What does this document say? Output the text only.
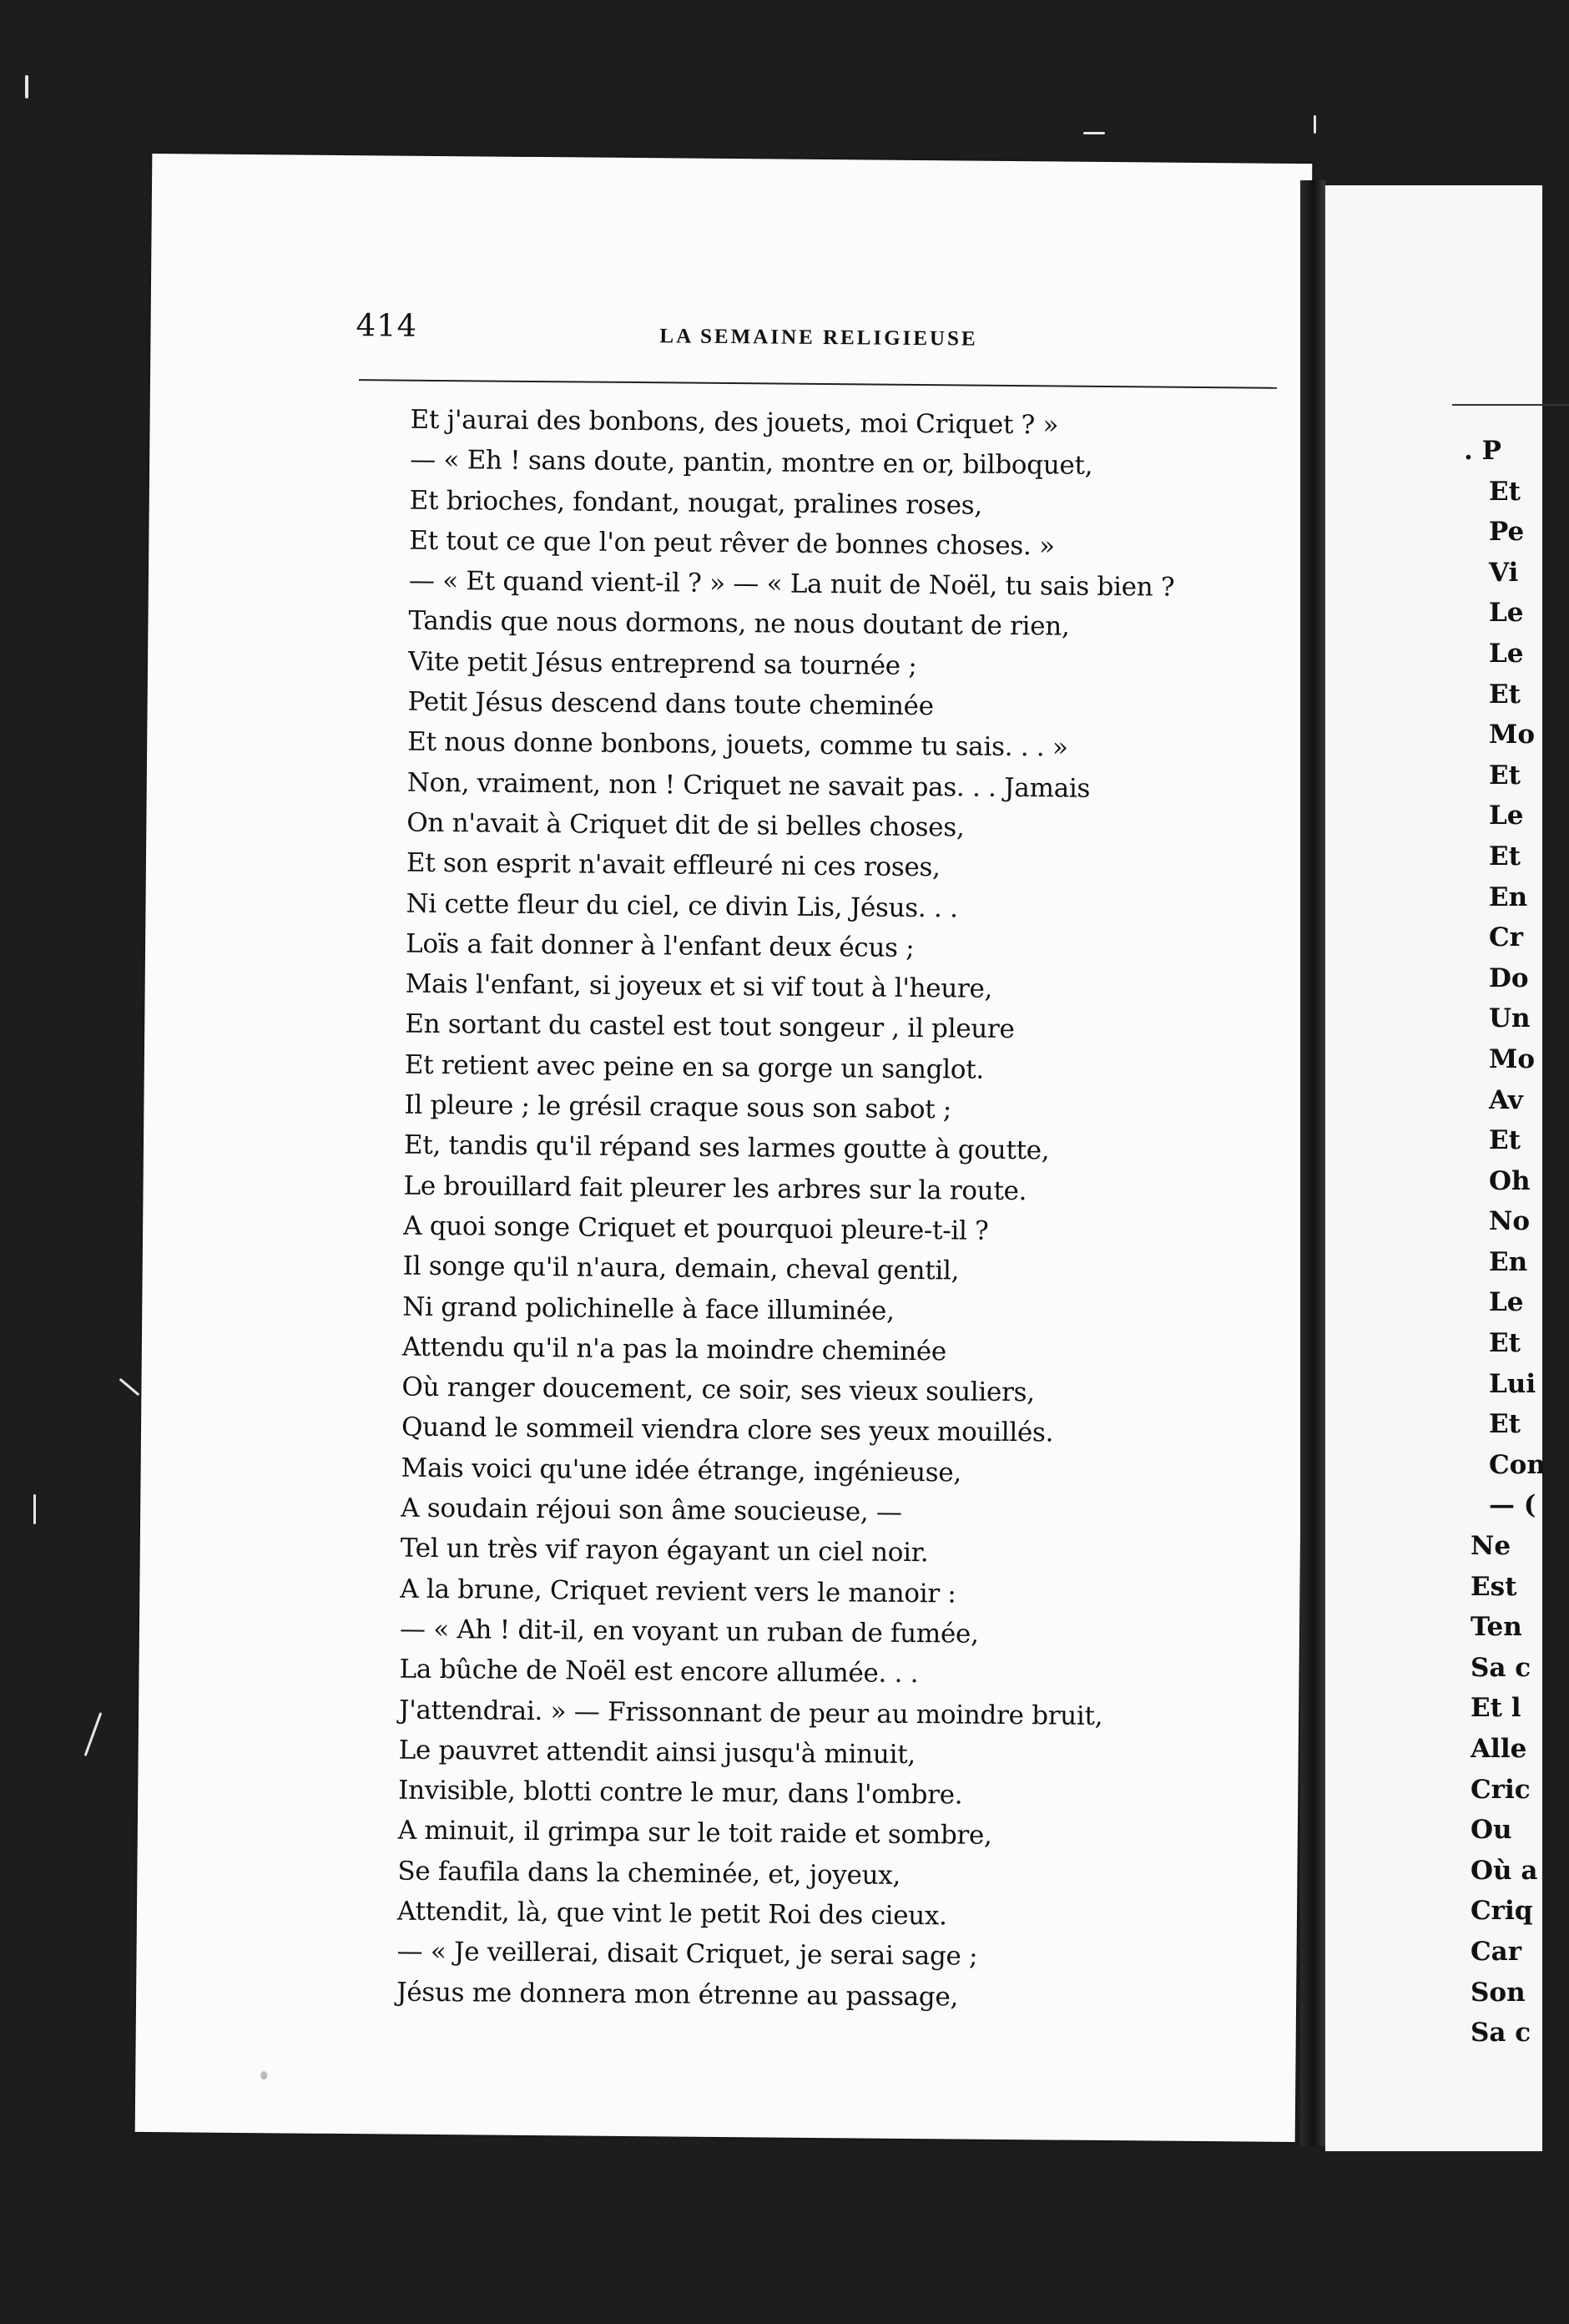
414	LA SEMAINE RELIGIEUSE

Et j'aurai des bonbons, des jouets, moi Criquet ? »
— « Eh ! sans doute, pantin, montre en or, bilboquet,
Et brioches, fondant, nougat, pralines roses,
Et tout ce que l'on peut rêver de bonnes choses. »
— « Et quand vient-il ? » — « La nuit de Noël, tu sais bien ?
Tandis que nous dormons, ne nous doutant de rien,
Vite petit Jésus entreprend sa tournée ;
Petit Jésus descend dans toute cheminée
Et nous donne bonbons, jouets, comme tu sais. . . »
Non, vraiment, non ! Criquet ne savait pas. . . Jamais
On n'avait à Criquet dit de si belles choses,
Et son esprit n'avait effleuré ni ces roses,
Ni cette fleur du ciel, ce divin Lis, Jésus. . .
Loïs a fait donner à l'enfant deux écus ;
Mais l'enfant, si joyeux et si vif tout à l'heure,
En sortant du castel est tout songeur , il pleure
Et retient avec peine en sa gorge un sanglot.
Il pleure ; le grésil craque sous son sabot ;
Et, tandis qu'il répand ses larmes goutte à goutte,
Le brouillard fait pleurer les arbres sur la route.
A quoi songe Criquet et pourquoi pleure-t-il ?
Il songe qu'il n'aura, demain, cheval gentil,
Ni grand polichinelle à face illuminée,
Attendu qu'il n'a pas la moindre cheminée
Où ranger doucement, ce soir, ses vieux souliers,
Quand le sommeil viendra clore ses yeux mouillés.
Mais voici qu'une idée étrange, ingénieuse,
A soudain réjoui son âme soucieuse, —
Tel un très vif rayon égayant un ciel noir.
A la brune, Criquet revient vers le manoir :
— « Ah ! dit-il, en voyant un ruban de fumée,
La bûche de Noël est encore allumée. . .
J'attendrai. » — Frissonnant de peur au moindre bruit,
Le pauvret attendit ainsi jusqu'à minuit,
Invisible, blotti contre le mur, dans l'ombre.
A minuit, il grimpa sur le toit raide et sombre,
Se faufila dans la cheminée, et, joyeux,
Attendit, là, que vint le petit Roi des cieux.
— « Je veillerai, disait Criquet, je serai sage ;
Jésus me donnera mon étrenne au passage,
. P
Et
Pe
Vi
Le
Le
Et
Mo
Et
Le
Et
En
Cr
Do
Un
Mo
Av
Et
Oh
No
En
Le
Et
Lui
Et
Con
— (
Ne
Est
Ten
Sa c
Et l
Alle
Cric
Ou
Où a
Criq
Car
Son
Sa c
